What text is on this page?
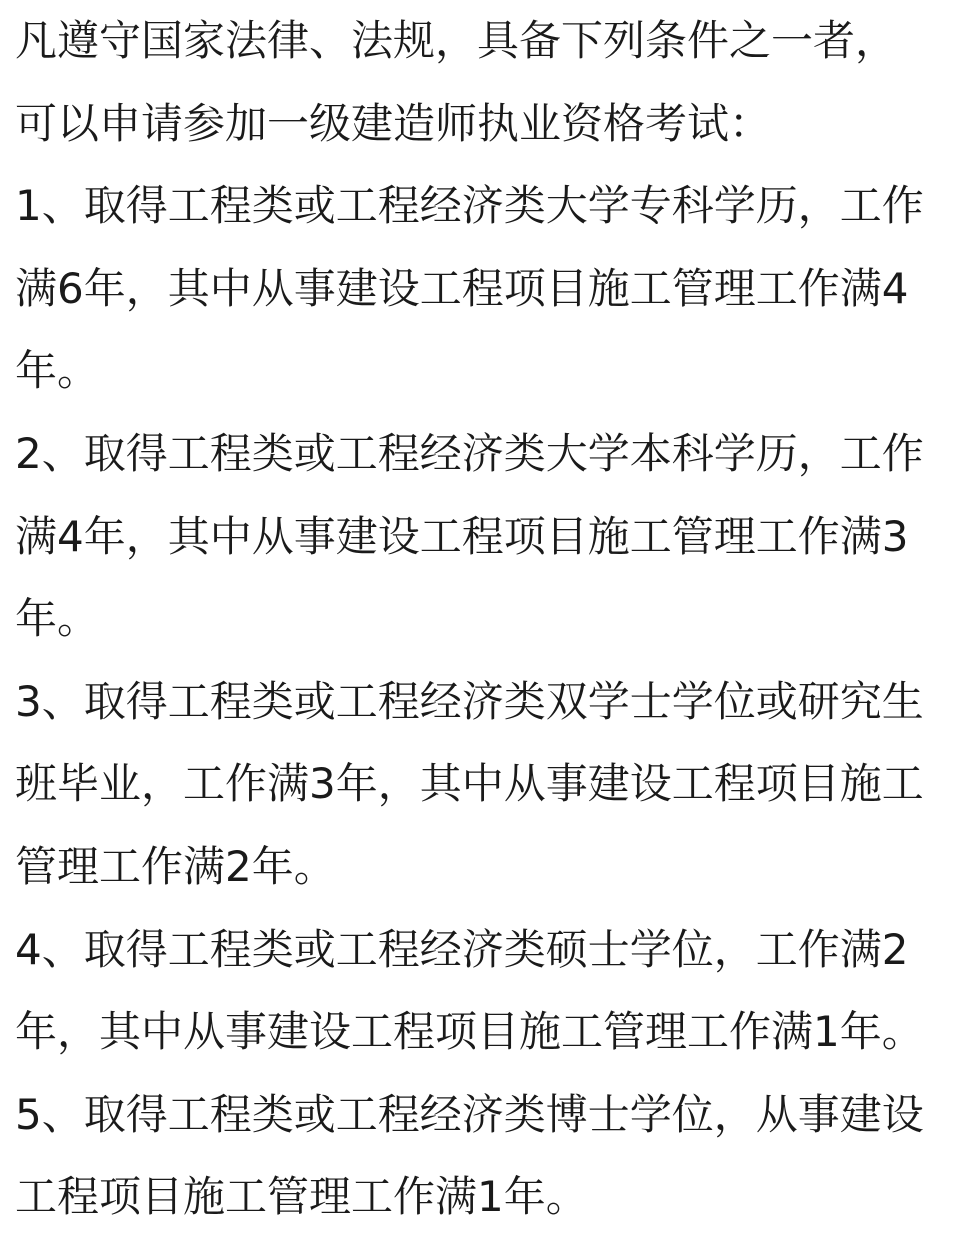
凡遵守国家法律、法规，具备下列条件之一者，
可以申请参加一级建造师执业资格考试：
1、取得工程类或工程经济类大学专科学历，工作
满6年，其中从事建设工程项目施工管理工作满4
年。
2、取得工程类或工程经济类大学本科学历，工作
满4年，其中从事建设工程项目施工管理工作满3
年。
3、取得工程类或工程经济类双学士学位或研究生
班毕业，工作满3年，其中从事建设工程项目施工
管理工作满2年。
4、取得工程类或工程经济类硕士学位，工作满2
年，其中从事建设工程项目施工管理工作满1年。
5、取得工程类或工程经济类博士学位，从事建设
工程项目施工管理工作满1年。
